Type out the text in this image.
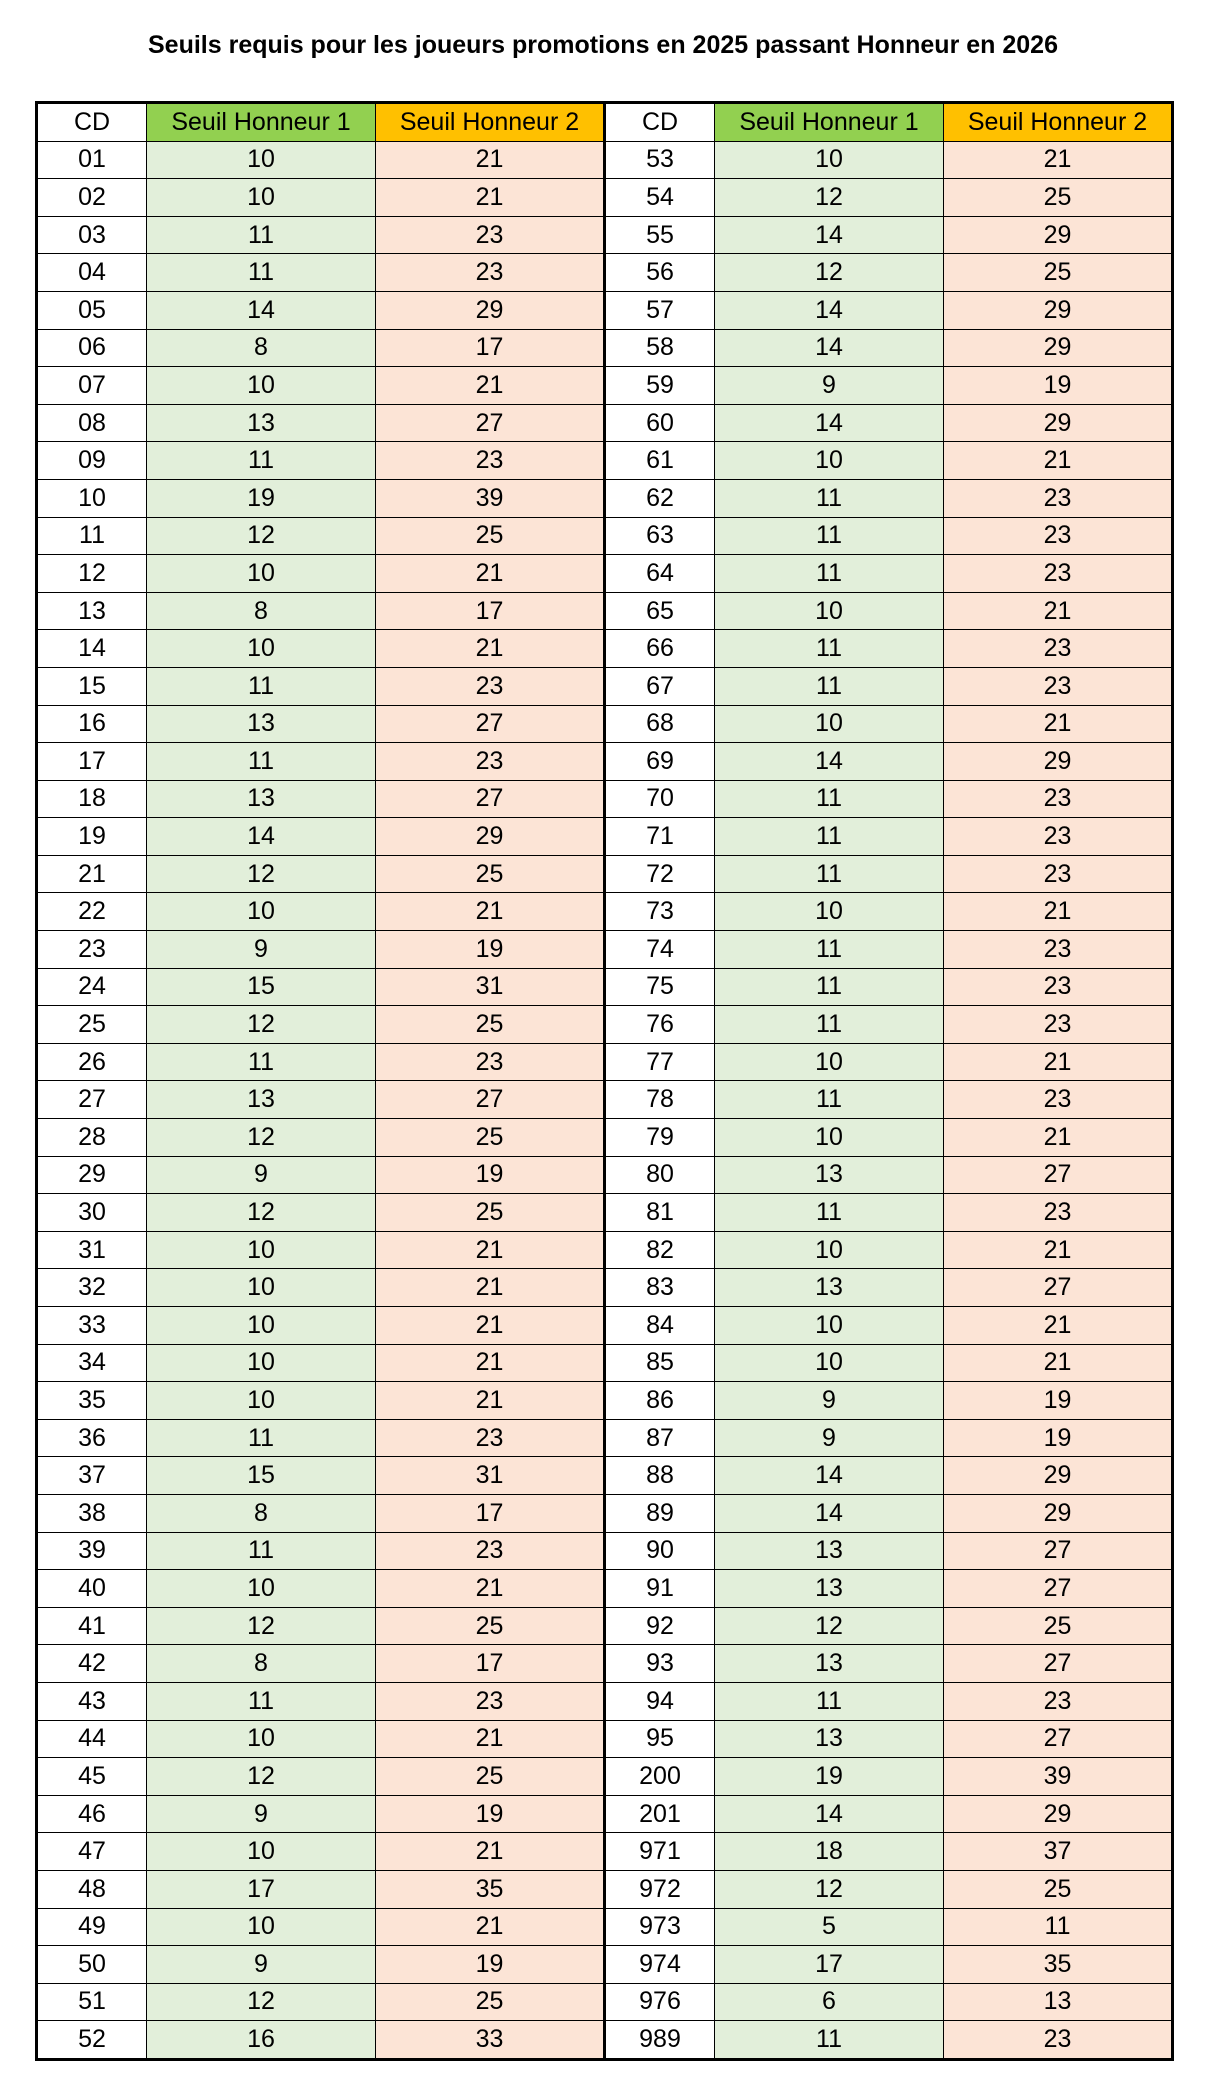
Seuils requis pour les joueurs promotions en 2025 passant Honneur en 2026
CD	Seuil Honneur 1	Seuil Honneur 2	CD	Seuil Honneur 1	Seuil Honneur 2
01	10	21	53	10	21
02	10	21	54	12	25
03	11	23	55	14	29
04	11	23	56	12	25
05	14	29	57	14	29
06	8	17	58	14	29
07	10	21	59	9	19
08	13	27	60	14	29
09	11	23	61	10	21
10	19	39	62	11	23
11	12	25	63	11	23
12	10	21	64	11	23
13	8	17	65	10	21
14	10	21	66	11	23
15	11	23	67	11	23
16	13	27	68	10	21
17	11	23	69	14	29
18	13	27	70	11	23
19	14	29	71	11	23
21	12	25	72	11	23
22	10	21	73	10	21
23	9	19	74	11	23
24	15	31	75	11	23
25	12	25	76	11	23
26	11	23	77	10	21
27	13	27	78	11	23
28	12	25	79	10	21
29	9	19	80	13	27
30	12	25	81	11	23
31	10	21	82	10	21
32	10	21	83	13	27
33	10	21	84	10	21
34	10	21	85	10	21
35	10	21	86	9	19
36	11	23	87	9	19
37	15	31	88	14	29
38	8	17	89	14	29
39	11	23	90	13	27
40	10	21	91	13	27
41	12	25	92	12	25
42	8	17	93	13	27
43	11	23	94	11	23
44	10	21	95	13	27
45	12	25	200	19	39
46	9	19	201	14	29
47	10	21	971	18	37
48	17	35	972	12	25
49	10	21	973	5	11
50	9	19	974	17	35
51	12	25	976	6	13
52	16	33	989	11	23
